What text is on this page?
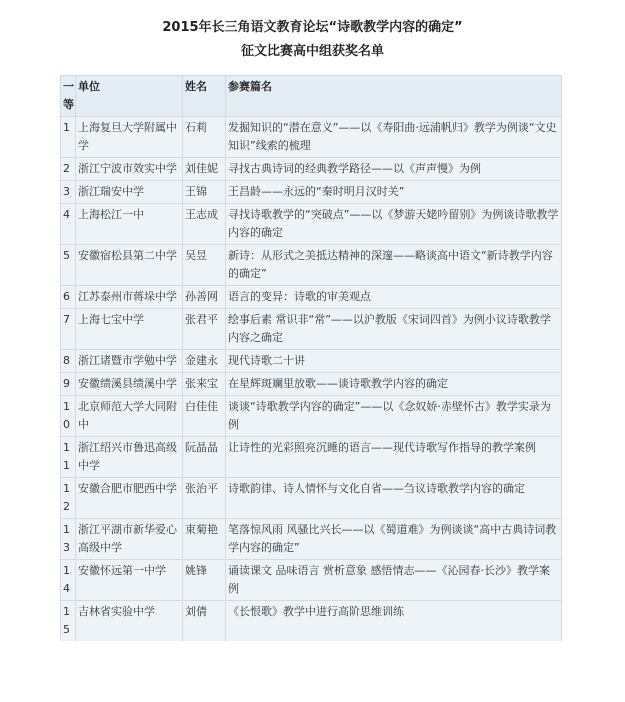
2015年长三角语文教育论坛“诗歌教学内容的确定”
征文比赛高中组获奖名单
一等	单位	姓名	参赛篇名
1	上海复旦大学附属中学	石莉	发掘知识的“潜在意义”——以《寿阳曲·远浦帆归》教学为例谈“文史知识”线索的梳理
2	浙江宁波市效实中学	刘佳妮	寻找古典诗词的经典教学路径——以《声声慢》为例
3	浙江瑞安中学	王锦	王昌龄——永远的“秦时明月汉时关”
4	上海松江一中	王志成	寻找诗歌教学的“突破点”——以《梦游天姥吟留别》为例谈诗歌教学内容的确定
5	安徽宿松县第二中学	吴昱	新诗：从形式之美抵达精神的深邃——略谈高中语文“新诗教学内容的确定”
6	江苏泰州市蒋垛中学	孙善网	语言的变异：诗歌的审美观点
7	上海七宝中学	张君平	绘事后素 常识非“常”——以沪教版《宋词四首》为例小议诗歌教学内容之确定
8	浙江诸暨市学勉中学	金建永	现代诗歌二十讲
9	安徽绩溪县绩溪中学	张来宝	在星辉斑斓里放歌——谈诗歌教学内容的确定
10	北京师范大学大同附中	白佳佳	谈谈“诗歌教学内容的确定”——以《念奴娇·赤壁怀古》教学实录为例
11	浙江绍兴市鲁迅高级中学	阮晶晶	让诗性的光彩照亮沉睡的语言——现代诗歌写作指导的教学案例
12	安徽合肥市肥西中学	张治平	诗歌韵律、诗人情怀与文化自省——刍议诗歌教学内容的确定
13	浙江平湖市新华爱心高级中学	束菊艳	笔落惊风雨 风骚比兴长——以《蜀道难》为例谈谈“高中古典诗词教学内容的确定”
14	安徽怀远第一中学	姚锋	诵读课文 品味语言 赏析意象 感悟情志——《沁园春·长沙》教学案例
15	吉林省实验中学	刘倩	《长恨歌》教学中进行高阶思维训练
